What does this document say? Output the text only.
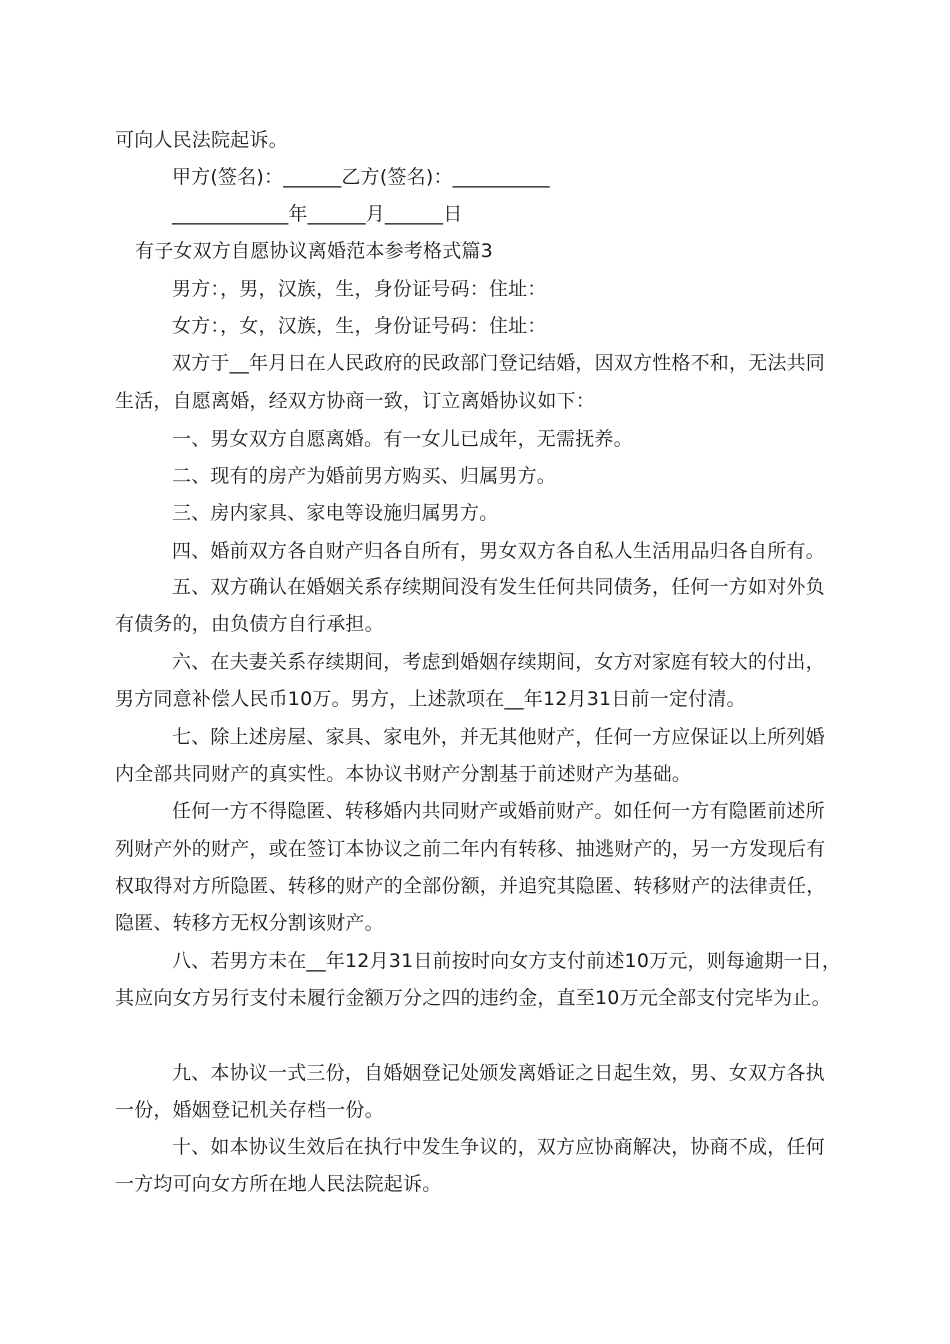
可向人民法院起诉。
甲方(签名)：______乙方(签名)：__________
____________年______月______日
有子女双方自愿协议离婚范本参考格式篇3
男方：，男，汉族，生，身份证号码：住址：
女方：，女，汉族，生，身份证号码：住址：
双方于__年月日在人民政府的民政部门登记结婚，因双方性格不和，无法共同
生活，自愿离婚，经双方协商一致，订立离婚协议如下：
一、男女双方自愿离婚。有一女儿已成年，无需抚养。
二、现有的房产为婚前男方购买、归属男方。
三、房内家具、家电等设施归属男方。
四、婚前双方各自财产归各自所有，男女双方各自私人生活用品归各自所有。
五、双方确认在婚姻关系存续期间没有发生任何共同债务，任何一方如对外负
有债务的，由负债方自行承担。
六、在夫妻关系存续期间，考虑到婚姻存续期间，女方对家庭有较大的付出，
男方同意补偿人民币10万。男方，上述款项在__年12月31日前一定付清。
七、除上述房屋、家具、家电外，并无其他财产，任何一方应保证以上所列婚
内全部共同财产的真实性。本协议书财产分割基于前述财产为基础。
任何一方不得隐匿、转移婚内共同财产或婚前财产。如任何一方有隐匿前述所
列财产外的财产，或在签订本协议之前二年内有转移、抽逃财产的，另一方发现后有
权取得对方所隐匿、转移的财产的全部份额，并追究其隐匿、转移财产的法律责任，
隐匿、转移方无权分割该财产。
八、若男方未在__年12月31日前按时向女方支付前述10万元，则每逾期一日，
其应向女方另行支付未履行金额万分之四的违约金，直至10万元全部支付完毕为止。
九、本协议一式三份，自婚姻登记处颁发离婚证之日起生效，男、女双方各执
一份，婚姻登记机关存档一份。
十、如本协议生效后在执行中发生争议的，双方应协商解决，协商不成，任何
一方均可向女方所在地人民法院起诉。
